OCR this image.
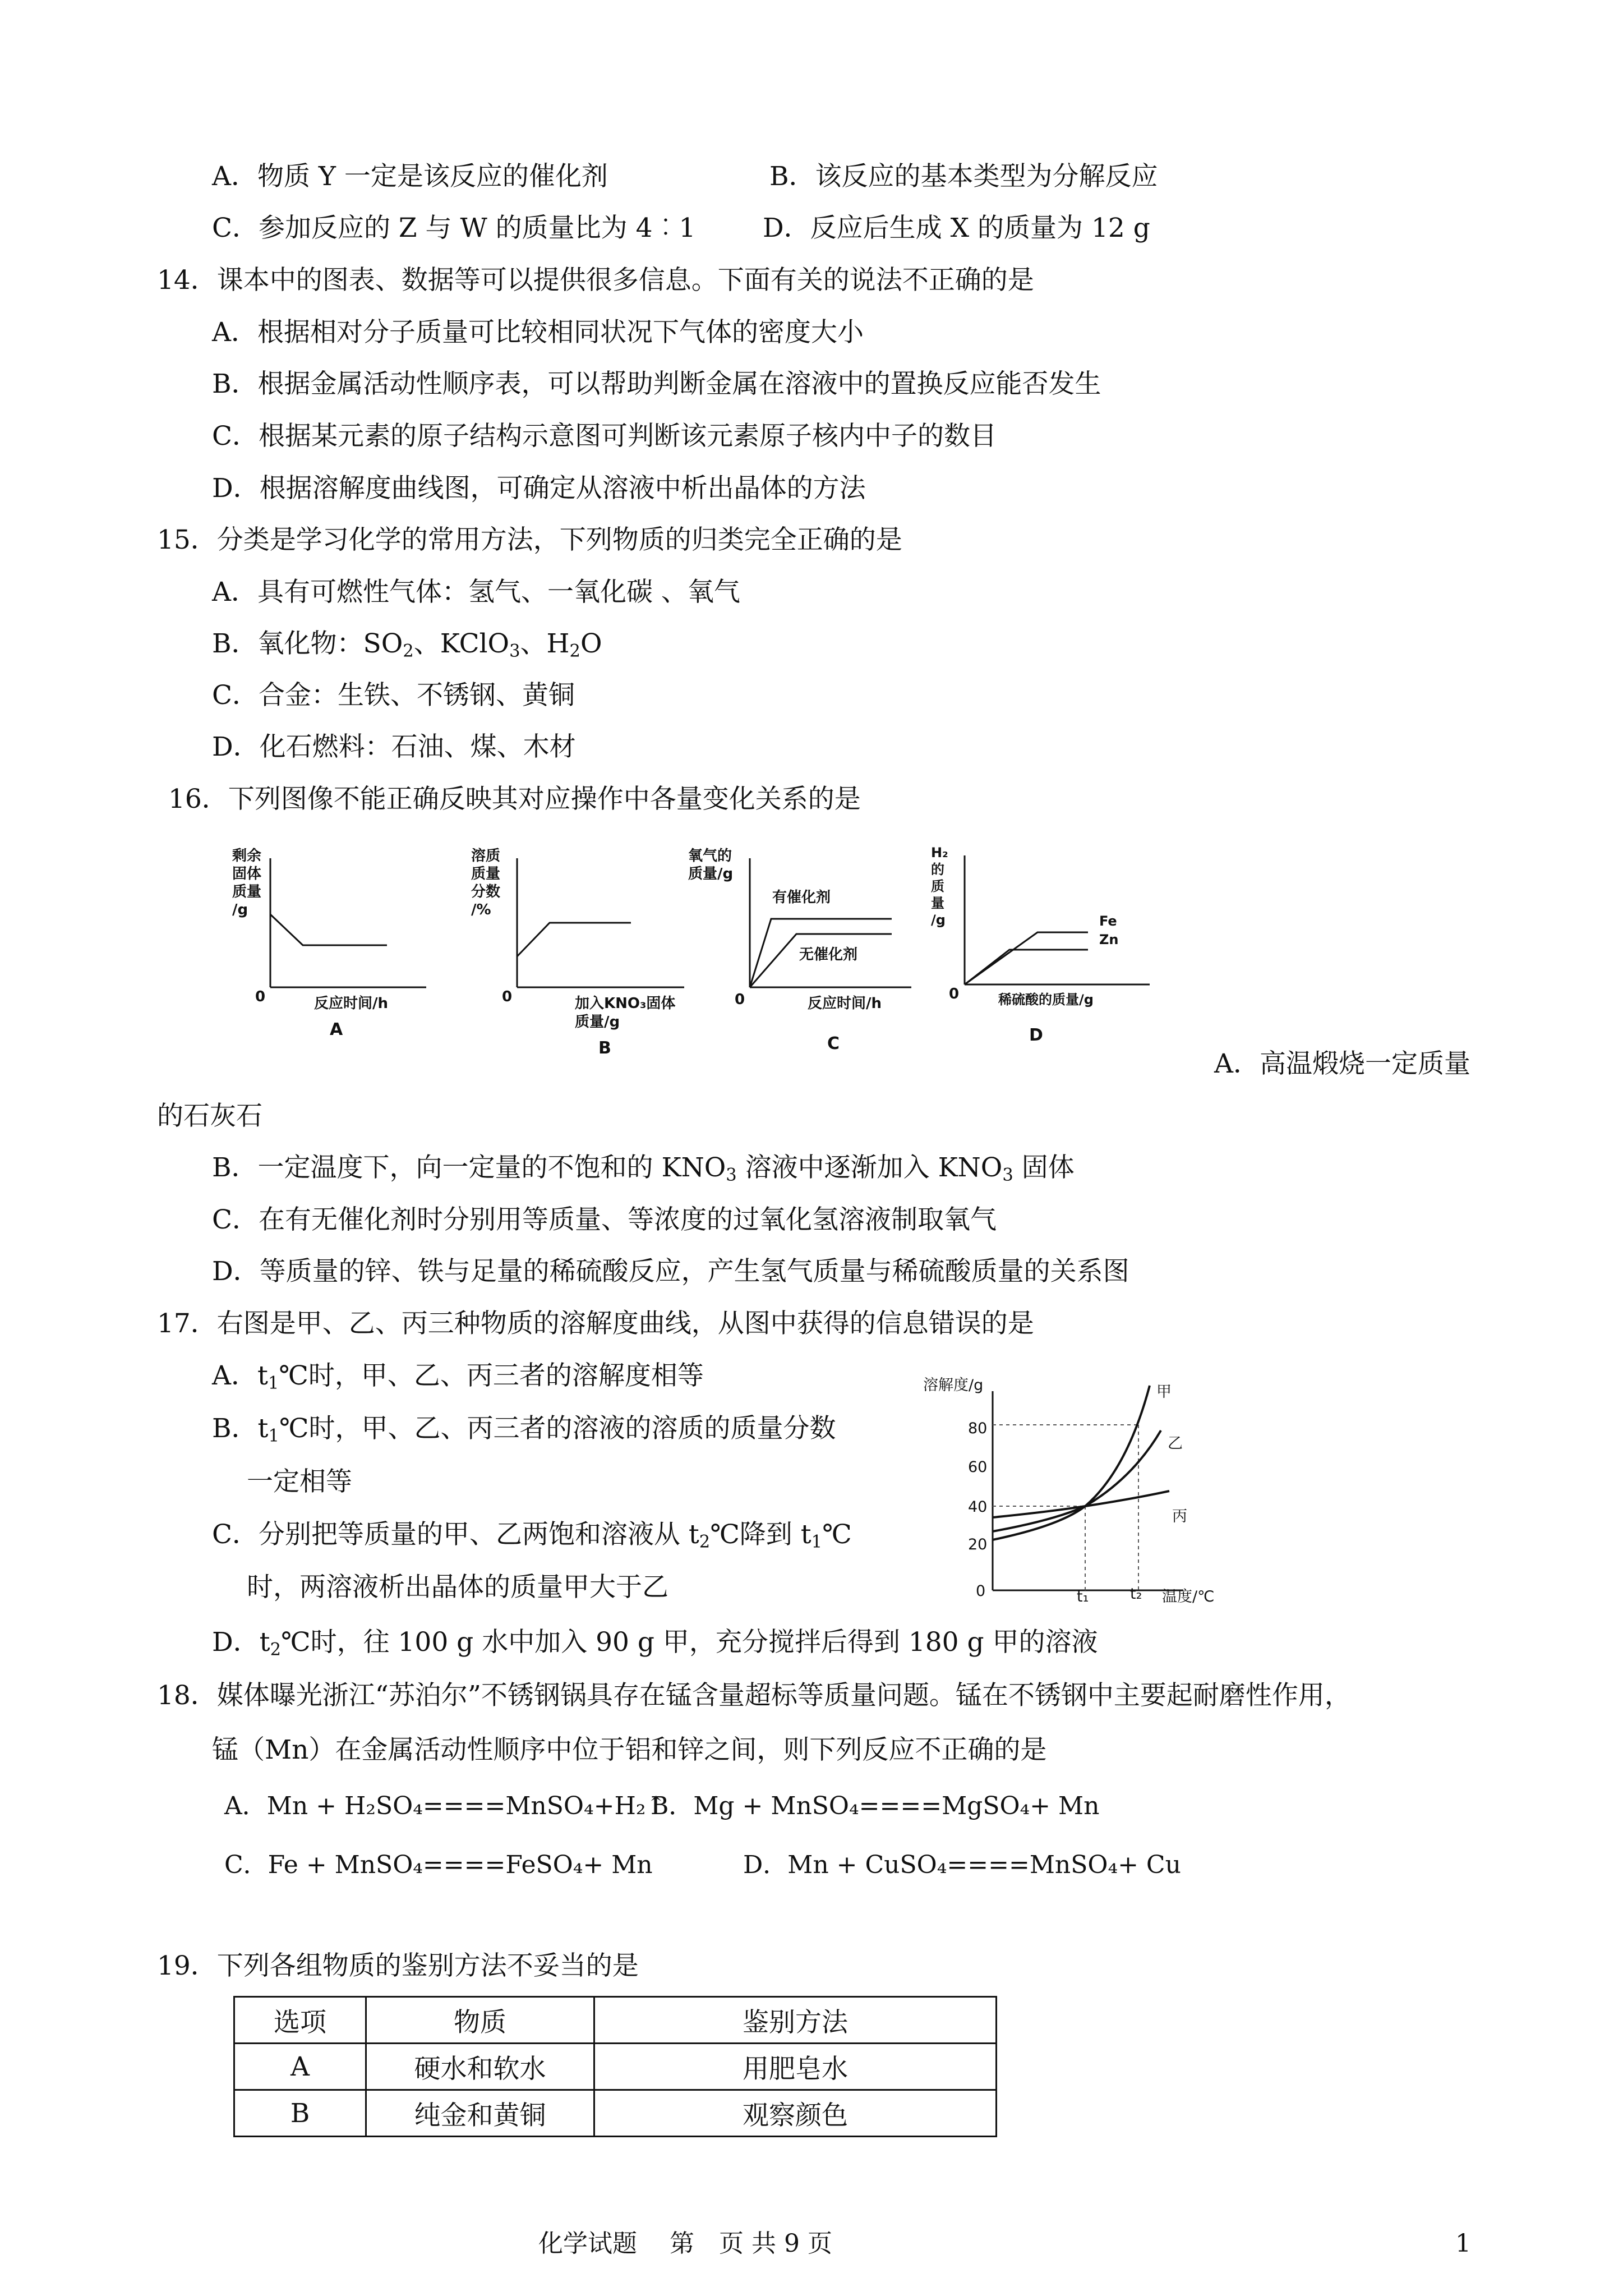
A．物质 Y 一定是该反应的催化剂	B．该反应的基本类型为分解反应
C．参加反应的 Z 与 W 的质量比为 4︰1	D．反应后生成 X 的质量为 12 g
14．课本中的图表、数据等可以提供很多信息。下面有关的说法不正确的是
A．根据相对分子质量可比较相同状况下气体的密度大小
B．根据金属活动性顺序表，可以帮助判断金属在溶液中的置换反应能否发生
C．根据某元素的原子结构示意图可判断该元素原子核内中子的数目
D．根据溶解度曲线图，可确定从溶液中析出晶体的方法
15．分类是学习化学的常用方法，下列物质的归类完全正确的是
A．具有可燃性气体：氢气、一氧化碳 、氧气
B．氧化物：$SO_2$、KClO$_3$、$H_2O$
C．合金：生铁、不锈钢、黄铜
D．化石燃料：石油、煤、木材
16．下列图像不能正确反映其对应操作中各量变化关系的是
剩余
固体
质量
/g
0	反应时间/h
A
溶质
质量
分数
/%
0	加入KNO₃固体
质量/g
B
氧气的
质量/g
0	反应时间/h
有催化剂
无催化剂
C
H₂
的
质
量
/g
0	稀硫酸的质量/g
Fe
Zn
D
A．高温煅烧一定质量
的石灰石
B．一定温度下，向一定量的不饱和的 $KNO_3$ 溶液中逐渐加入 $KNO_3$ 固体
C．在有无催化剂时分别用等质量、等浓度的过氧化氢溶液制取氧气
D．等质量的锌、铁与足量的稀硫酸反应，产生氢气质量与稀硫酸质量的关系图
17．右图是甲、乙、丙三种物质的溶解度曲线，从图中获得的信息错误的是
A．$t_1℃$时，甲、乙、丙三者的溶解度相等
B．$t_1℃$时，甲、乙、丙三者的溶液的溶质的质量分数
一定相等
C．分别把等质量的甲、乙两饱和溶液从 $t_2℃$降到 $t_1℃$
时，两溶液析出晶体的质量甲大于乙
D．$t_2℃$时，往 100 g 水中加入 90 g 甲，充分搅拌后得到 180 g 甲的溶液
溶解度/g
0	温度/℃
80
60
40
20
t₁	t₂
甲
乙
丙
18．媒体曝光浙江“苏泊尔”不锈钢锅具存在锰含量超标等质量问题。锰在不锈钢中主要起耐磨性作用，
锰（Mn）在金属活动性顺序中位于铝和锌之间，则下列反应不正确的是
A．Mn + H₂SO₄====MnSO₄+H₂↑
B．Mg + MnSO₄====MgSO₄+ Mn
C．Fe + MnSO₄====FeSO₄+ Mn	D．Mn + CuSO₄====MnSO₄+ Cu
19．下列各组物质的鉴别方法不妥当的是
选项	物质	鉴别方法
A	硬水和软水	用肥皂水
B	纯金和黄铜	观察颜色
化学试题　 第　页 共 9 页	1
